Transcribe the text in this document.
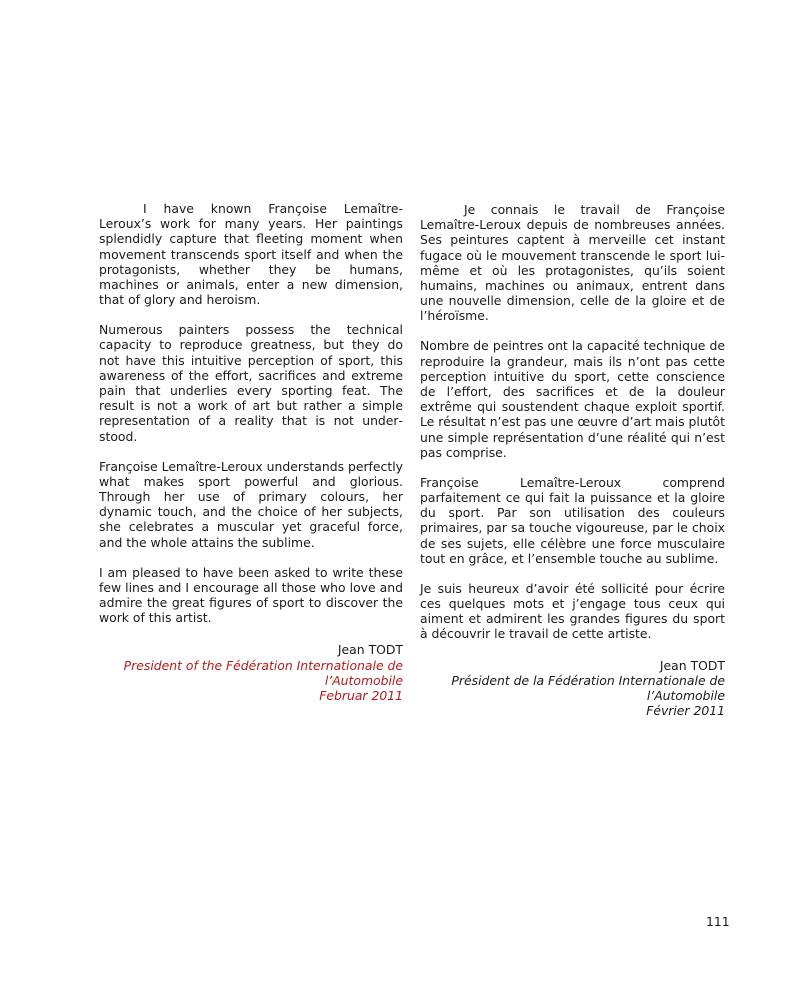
I have known Françoise Lemaître-Leroux’s work for many years. Her paintings splendidly capture that fleeting moment when movement transcends sport itself and when the protagonists, whether they be humans, machines or animals, enter a new dimension, that of glory and heroism.

Numerous painters possess the technical capacity to reproduce greatness, but they do not have this intuitive perception of sport, this awareness of the effort, sacrifices and extreme pain that underlies every sporting feat. The result is not a work of art but rather a simple representation of a reality that is not understood.

Françoise Lemaître-Leroux understands perfectly what makes sport powerful and glorious. Through her use of primary colours, her dynamic touch, and the choice of her subjects, she celebrates a muscular yet graceful force, and the whole attains the sublime.

I am pleased to have been asked to write these few lines and I encourage all those who love and admire the great figures of sport to discover the work of this artist.

Jean TODT
President of the Fédération Internationale de l’Automobile
Februar 2011

Je connais le travail de Françoise Lemaître-Leroux depuis de nombreuses années. Ses peintures captent à merveille cet instant fugace où le mouvement transcende le sport lui-même et où les protagonistes, qu’ils soient humains, machines ou animaux, entrent dans une nouvelle dimension, celle de la gloire et de l’héroïsme.

Nombre de peintres ont la capacité technique de reproduire la grandeur, mais ils n’ont pas cette perception intuitive du sport, cette conscience de l’effort, des sacrifices et de la douleur extrême qui soustendent chaque exploit sportif. Le résultat n’est pas une œuvre d’art mais plutôt une simple représentation d’une réalité qui n’est pas comprise.

Françoise Lemaître-Leroux comprend parfaitement ce qui fait la puissance et la gloire du sport. Par son utilisation des couleurs primaires, par sa touche vigoureuse, par le choix de ses sujets, elle célèbre une force musculaire tout en grâce, et l’ensemble touche au sublime.

Je suis heureux d’avoir été sollicité pour écrire ces quelques mots et j’engage tous ceux qui aiment et admirent les grandes figures du sport à découvrir le travail de cette artiste.

Jean TODT
Président de la Fédération Internationale de l’Automobile
Février 2011
111
